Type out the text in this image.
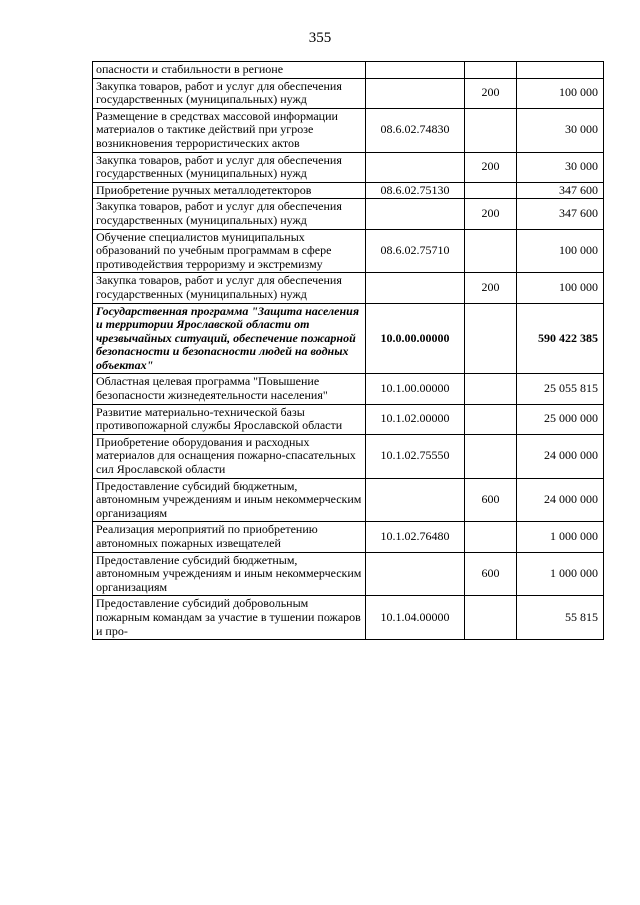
355
опасности и стабильности в регионе			
Закупка товаров, работ и услуг для обеспечения государственных (муниципальных) нужд		200	100 000
Размещение в средствах массовой информации материалов о тактике действий при угрозе возникновения террористических актов	08.6.02.74830		30 000
Закупка товаров, работ и услуг для обеспечения государственных (муниципальных) нужд		200	30 000
Приобретение ручных металлодетекторов	08.6.02.75130		347 600
Закупка товаров, работ и услуг для обеспечения государственных (муниципальных) нужд		200	347 600
Обучение специалистов муниципальных образований по учебным программам в сфере противодействия терроризму и экстремизму	08.6.02.75710		100 000
Закупка товаров, работ и услуг для обеспечения государственных (муниципальных) нужд		200	100 000
Государственная программа "Защита населения и территории Ярославской области от чрезвычайных ситуаций, обеспечение пожарной безопасности и безопасности людей на водных объектах"	10.0.00.00000		590 422 385
Областная целевая программа "Повышение безопасности жизнедеятельности населения"	10.1.00.00000		25 055 815
Развитие материально-технической базы противопожарной службы Ярославской области	10.1.02.00000		25 000 000
Приобретение оборудования и расходных материалов для оснащения пожарно-спасательных сил Ярославской области	10.1.02.75550		24 000 000
Предоставление субсидий бюджетным, автономным учреждениям и иным некоммерческим организациям		600	24 000 000
Реализация мероприятий по приобретению автономных пожарных извещателей	10.1.02.76480		1 000 000
Предоставление субсидий бюджетным, автономным учреждениям и иным некоммерческим организациям		600	1 000 000
Предоставление субсидий добровольным пожарным командам за участие в тушении пожаров и про-	10.1.04.00000		55 815
